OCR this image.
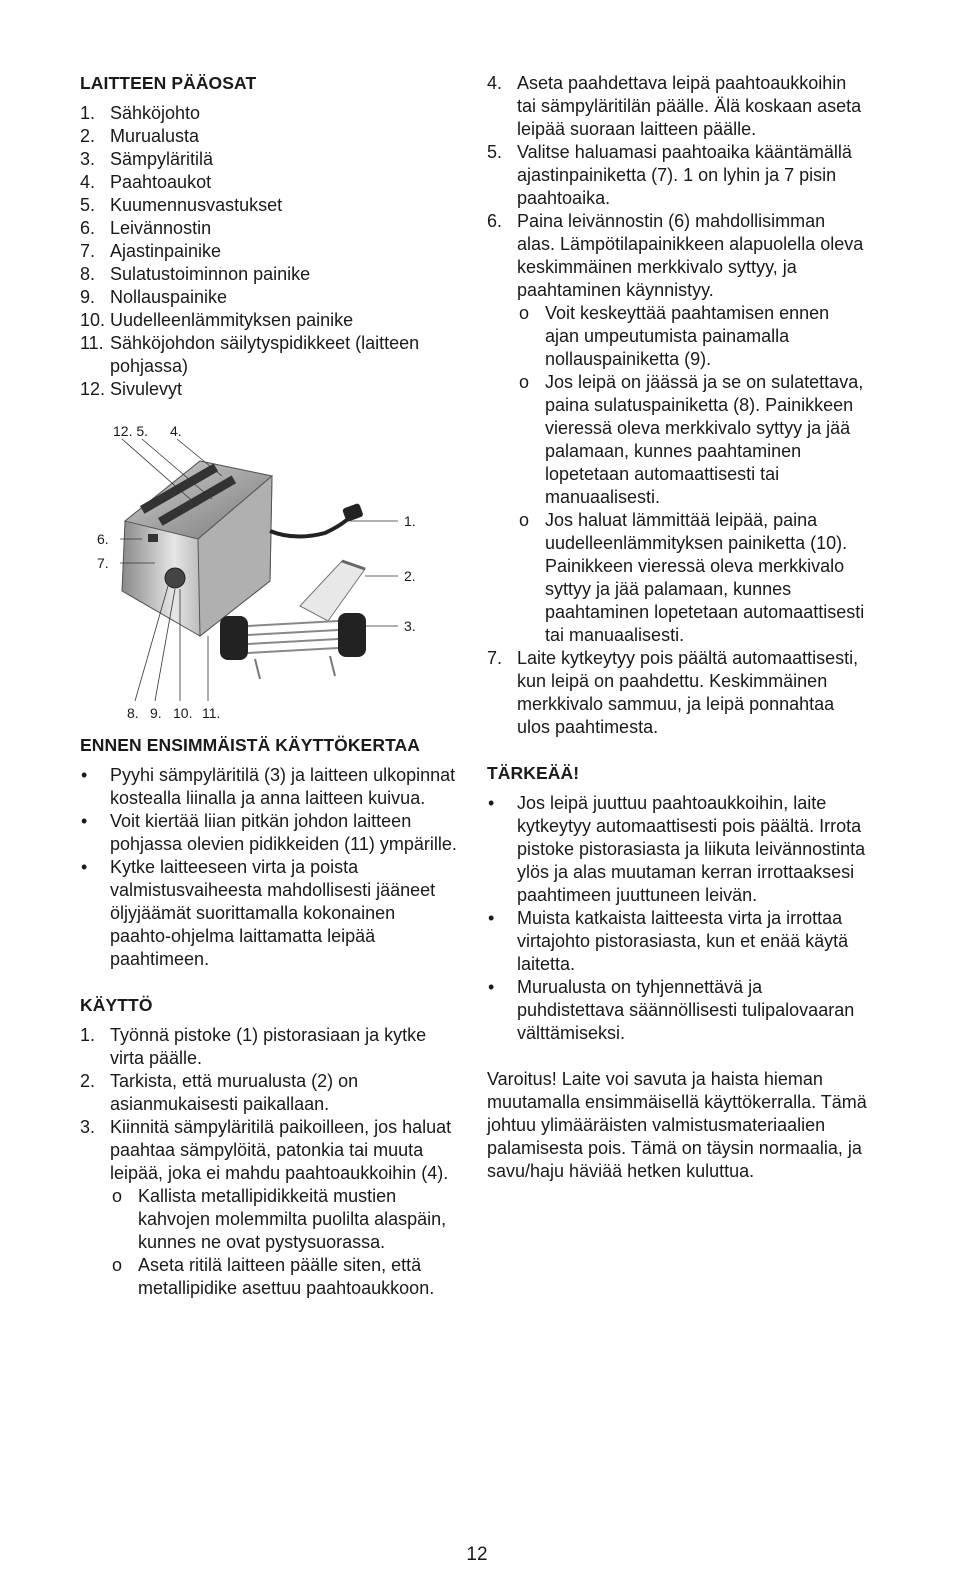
LAITTEEN PÄÄOSAT
1. Sähköjohto
2. Murualusta
3. Sämpyläritilä
4. Paahtoaukot
5. Kuumennusvastukset
6. Leivännostin
7. Ajastinpainike
8. Sulatustoiminnon painike
9. Nollauspainike
10. Uudelleenlämmityksen painike
11. Sähköjohdon säilytyspidikkeet (laitteen pohjassa)
12. Sivulevyt
12. 5. 4.
6.
7.
1.
2.
3.
8. 9. 10. 11.
ENNEN ENSIMMÄISTÄ KÄYTTÖKERTAA
• Pyyhi sämpyläritilä (3) ja laitteen ulkopinnat kostealla liinalla ja anna laitteen kuivua.
• Voit kiertää liian pitkän johdon laitteen pohjassa olevien pidikkeiden (11) ympärille.
• Kytke laitteeseen virta ja poista valmistusvaiheesta mahdollisesti jääneet öljyjäämät suorittamalla kokonainen paahto-ohjelma laittamatta leipää paahtimeen.
KÄYTTÖ
1. Työnnä pistoke (1) pistorasiaan ja kytke virta päälle.
2. Tarkista, että murualusta (2) on asianmukaisesti paikallaan.
3. Kiinnitä sämpyläritilä paikoilleen, jos haluat paahtaa sämpylöitä, patonkia tai muuta leipää, joka ei mahdu paahtoaukkoihin (4).
o Kallista metallipidikkeitä mustien kahvojen molemmilta puolilta alaspäin, kunnes ne ovat pystysuorassa.
o Aseta ritilä laitteen päälle siten, että metallipidike asettuu paahtoaukkoon.
4. Aseta paahdettava leipä paahtoaukkoihin tai sämpyläritilän päälle. Älä koskaan aseta leipää suoraan laitteen päälle.
5. Valitse haluamasi paahtoaika kääntämällä ajastinpainiketta (7). 1 on lyhin ja 7 pisin paahtoaika.
6. Paina leivännostin (6) mahdollisimman alas. Lämpötilapainikkeen alapuolella oleva keskimmäinen merkkivalo syttyy, ja paahtaminen käynnistyy.
o Voit keskeyttää paahtamisen ennen ajan umpeutumista painamalla nollauspainiketta (9).
o Jos leipä on jäässä ja se on sulatettava, paina sulatuspainiketta (8). Painikkeen vieressä oleva merkkivalo syttyy ja jää palamaan, kunnes paahtaminen lopetetaan automaattisesti tai manuaalisesti.
o Jos haluat lämmittää leipää, paina uudelleenlämmityksen painiketta (10). Painikkeen vieressä oleva merkkivalo syttyy ja jää palamaan, kunnes paahtaminen lopetetaan automaattisesti tai manuaalisesti.
7. Laite kytkeytyy pois päältä automaattisesti, kun leipä on paahdettu. Keskimmäinen merkkivalo sammuu, ja leipä ponnahtaa ulos paahtimesta.
TÄRKEÄÄ!
• Jos leipä juuttuu paahtoaukkoihin, laite kytkeytyy automaattisesti pois päältä. Irrota pistoke pistorasiasta ja liikuta leivännostinta ylös ja alas muutaman kerran irrottaaksesi paahtimeen juuttuneen leivän.
• Muista katkaista laitteesta virta ja irrottaa virtajohto pistorasiasta, kun et enää käytä laitetta.
• Murualusta on tyhjennettävä ja puhdistettava säännöllisesti tulipalovaaran välttämiseksi.

Varoitus! Laite voi savuta ja haista hieman muutamalla ensimmäisellä käyttökerralla. Tämä johtuu ylimääräisten valmistusmateriaalien palamisesta pois. Tämä on täysin normaalia, ja savu/haju häviää hetken kuluttua.

12
